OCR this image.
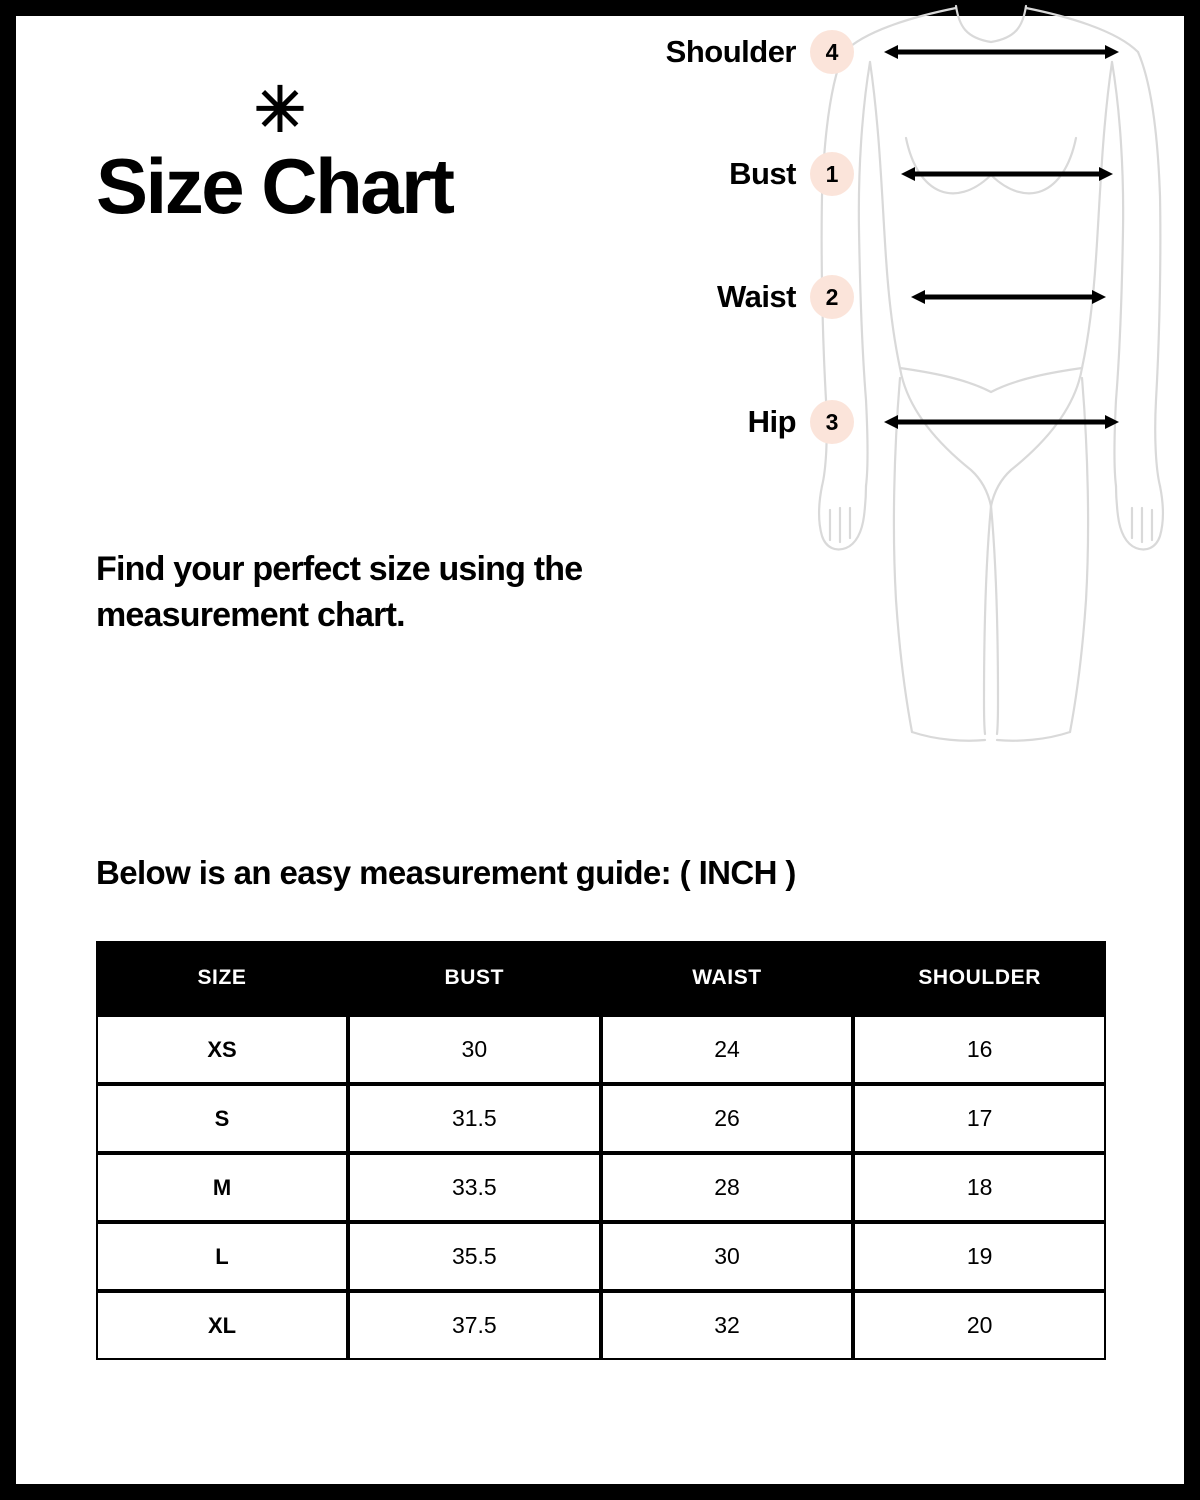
✳
Size Chart
Find your perfect size using the measurement chart.
Below is an easy measurement guide: ( INCH )
Shoulder	4
Bust	1
Waist	2
Hip	3
SIZE	BUST	WAIST	SHOULDER
XS	30	24	16
S	31.5	26	17
M	33.5	28	18
L	35.5	30	19
XL	37.5	32	20
